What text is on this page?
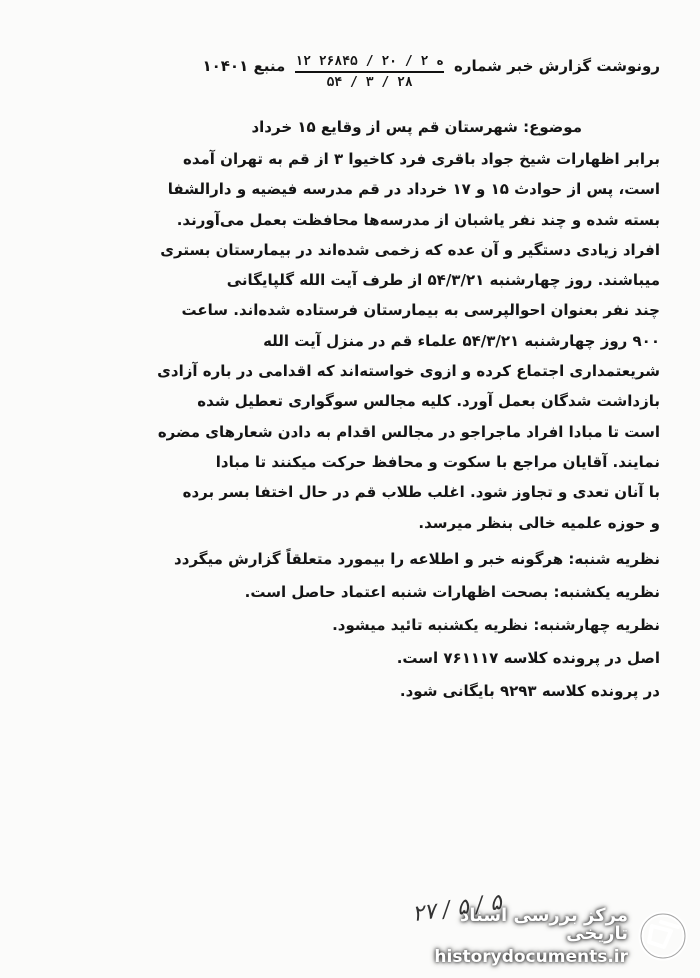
رونوشت گزارش خبر شماره
۱۲ ه ۲ / ۲۰ / ۲۶۸۴۵
۵۴ / ۳ / ۲۸
منبع ۱۰۴۰۱
موضوع: شهرستان قم پس از وقایع ۱۵ خرداد
برابر اظهارات شیخ جواد باقری فرد کاخیوا ۳ از قم به تهران آمده
است، پس از حوادث ۱۵ و ۱۷ خرداد در قم مدرسه فیضیه و دارالشفا
بسته شده و چند نفر یاشبان از مدرسه‌ها محافظت بعمل می‌آورند.
افراد زیادی دستگیر و آن عده که زخمی شده‌اند در بیمارستان بستری
میباشند. روز چهارشنبه ۵۴/۳/۲۱ از طرف آیت الله گلپایگانی
چند نفر بعنوان احوالپرسی به بیمارستان فرستاده شده‌اند. ساعت
۹۰۰ روز چهارشنبه ۵۴/۳/۲۱ علماء قم در منزل آیت الله
شریعتمداری اجتماع کرده و ازوی خواسته‌اند که اقدامی در باره آزادی
بازداشت شدگان بعمل آورد. کلیه مجالس سوگواری تعطیل شده
است تا مبادا افراد ماجراجو در مجالس اقدام به دادن شعارهای مضره
نمایند. آقایان مراجع با سکوت و محافظ حرکت میکنند تا مبادا
با آنان تعدی و تجاوز شود. اغلب طلاب قم در حال اختفا بسر برده
و حوزه علمیه خالی بنظر میرسد.
نظریه شنبه: هرگونه خبر و اطلاعه را بیمورد متعلقاً گزارش میگردد
نظریه یکشنبه: بصحت اظهارات شنبه اعتماد حاصل است.
نظریه چهارشنبه: نظریه یکشنبه تائید میشود.
اصل در پرونده کلاسه ۷۶۱۱۱۷ است.
در پرونده کلاسه ۹۲۹۳ بایگانی شود.
۲۷ / ۵ / ۵
مرکز بررسی اسناد تاریخی
historydocuments.ir
